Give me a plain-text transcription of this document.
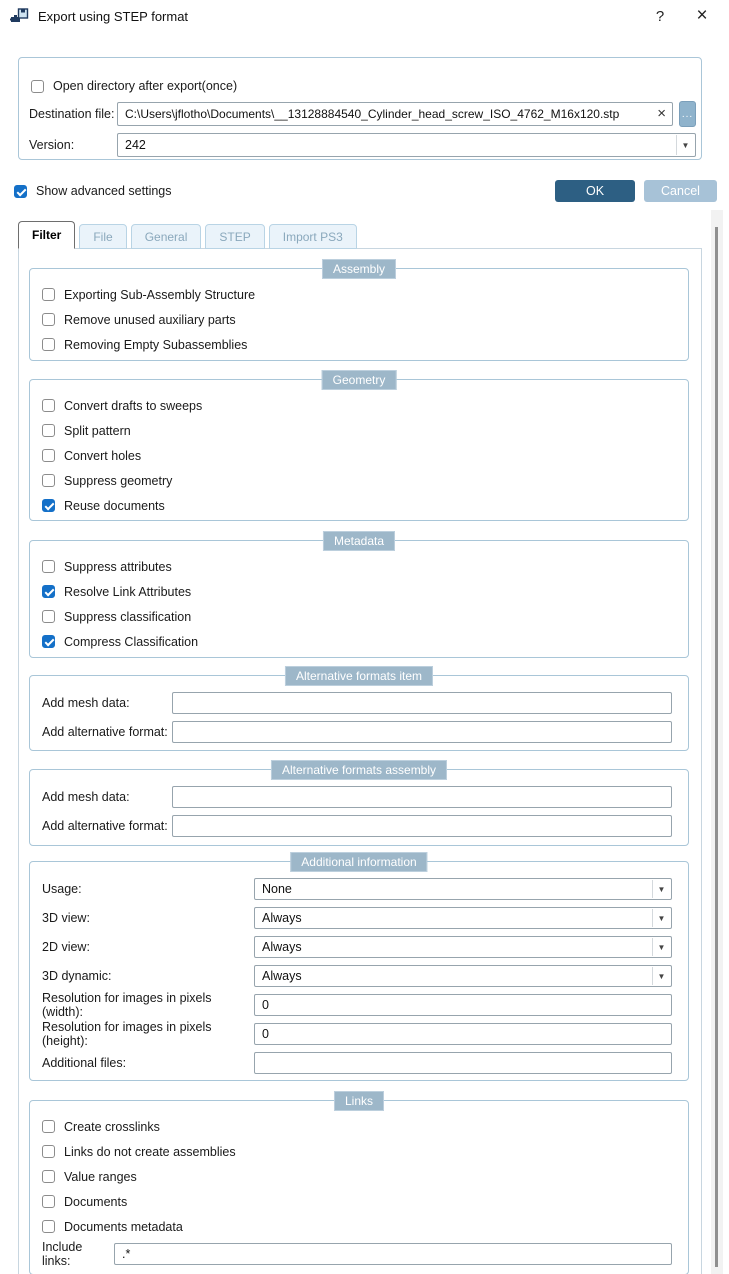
Export using STEP format	?	×
Open directory after export(once)
Destination file:
C:\Users\jflotho\Documents\__13128884540_Cylinder_head_screw_ISO_4762_M16x120.stp	× ...
Version:	242	▼
Show advanced settings	OK	Cancel
Filter	File	General	STEP	Import PS3
Assembly
Exporting Sub-Assembly Structure
Remove unused auxiliary parts
Removing Empty Subassemblies
Geometry
Convert drafts to sweeps
Split pattern
Convert holes
Suppress geometry
Reuse documents
Metadata
Suppress attributes
Resolve Link Attributes
Suppress classification
Compress Classification
Alternative formats item
Add mesh data:
Add alternative format:
Alternative formats assembly
Add mesh data:
Add alternative format:
Additional information
Usage:	None	▼
3D view:	Always	▼
2D view:	Always	▼
3D dynamic:	Always	▼
Resolution for images in pixels (width):
0
Resolution for images in pixels (height):
0
Additional files:
Links
Create crosslinks
Links do not create assemblies
Value ranges
Documents
Documents metadata
Include links:
.*
